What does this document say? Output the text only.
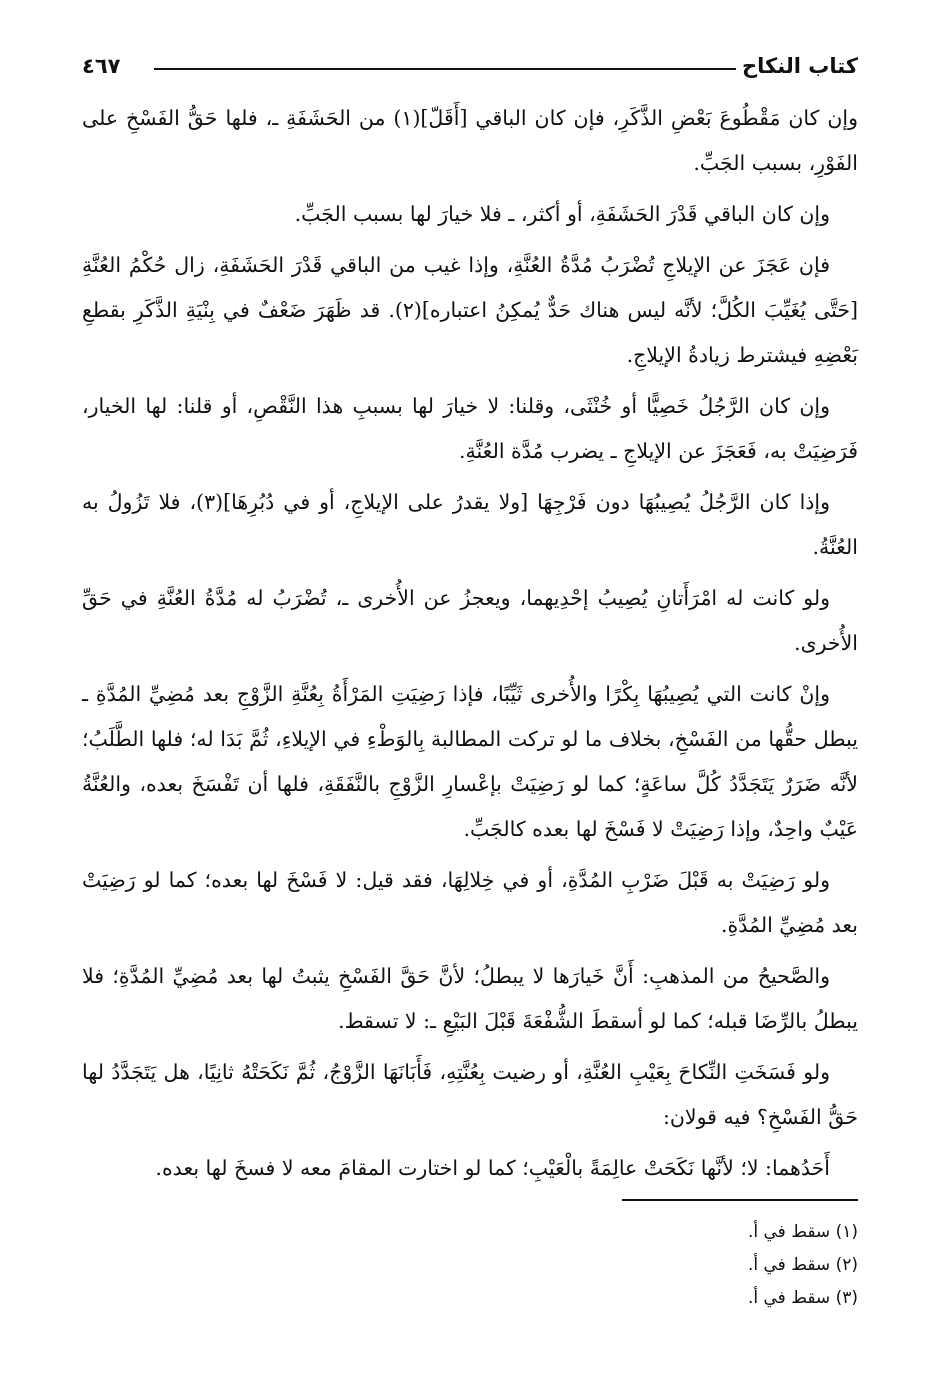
كتاب النكاح
٤٦٧

وإن كان مَقْطُوعَ بَعْضِ الذَّكَرِ، فإن كان الباقي [أَقَلّ](١) من الحَشَفَةِ ـ، فلها حَقُّ الفَسْخِ على الفَوْرِ، بسبب الجَبِّ.

وإن كان الباقي قَدْرَ الحَشَفَةِ، أو أكثر، ـ فلا خيارَ لها بسبب الجَبِّ.

فإن عَجَزَ عن الإيلاجِ تُضْرَبُ مُدَّةُ العُنَّةِ، وإذا غيب من الباقي قَدْرَ الحَشَفَةِ، زال حُكْمُ العُنَّةِ [حَتَّى يُغَيِّبَ الكُلَّ؛ لأنَّه ليس هناك حَدٌّ يُمكِنُ اعتباره](٢). قد ظَهَرَ ضَعْفٌ في بِنْيَةِ الذَّكَرِ بقطعِ بَعْضِهِ فيشترط زيادةُ الإيلاجِ.

وإن كان الرَّجُلُ خَصِيًّا أو خُنْثَى، وقلنا: لا خيارَ لها بسببِ هذا النَّقْصِ، أو قلنا: لها الخيار، فَرَضِيَتْ به، فَعَجَزَ عن الإيلاجِ ـ يضرب مُدَّة العُنَّةِ.

وإذا كان الرَّجُلُ يُصِيبُهَا دون فَرْجِهَا [ولا يقدرُ على الإيلاجِ، أو في دُبُرِهَا](٣)، فلا تَزُولُ به العُنَّةُ.

ولو كانت له امْرَأَتانِ يُصِيبُ إحْدِيهما، ويعجزُ عن الأُخرى ـ، تُضْرَبُ له مُدَّةُ العُنَّةِ في حَقِّ الأُخرى.

وإنْ كانت التي يُصِيبُهَا بِكْرًا والأُخرى ثَيِّبًا، فإذا رَضِيَتِ المَرْأَةُ بِعُنَّةِ الزَّوْجِ بعد مُضِيِّ المُدَّةِ ـ يبطل حقُّها من الفَسْخِ، بخلاف ما لو تركت المطالبة بِالوَطْءِ في الإيلاءِ، ثُمَّ بَدَا له؛ فلها الطَّلَبُ؛ لأنَّه ضَرَرٌ يَتَجَدَّدُ كُلَّ ساعَةٍ؛ كما لو رَضِيَتْ بإعْسارِ الزَّوْجِ بالنَّفَقَةِ، فلها أن تَفْسَخَ بعده، والعُنَّةُ عَيْبٌ واحِدٌ، وإذا رَضِيَتْ لا فَسْخَ لها بعده كالجَبِّ.

ولو رَضِيَتْ به قَبْلَ ضَرْبِ المُدَّةِ، أو في خِلالِهَا، فقد قيل: لا فَسْخَ لها بعده؛ كما لو رَضِيَتْ بعد مُضِيِّ المُدَّةِ.

والصَّحيحُ من المذهبِ: أَنَّ خَيارَها لا يبطلُ؛ لأنَّ حَقَّ الفَسْخِ يثبتُ لها بعد مُضِيِّ المُدَّةِ؛ فلا يبطلُ بالرِّضَا قبله؛ كما لو أسقطَ الشُّفْعَةَ قَبْلَ البَيْعِ ـ: لا تسقط.

ولو فَسَخَتِ النِّكاحَ بِعَيْبِ العُنَّةِ، أو رضيت بِعُنَّتِهِ، فَأَبَانَهَا الزَّوْجُ، ثُمَّ نَكَحَتْهُ ثانِيًا، هل يَتَجَدَّدُ لها حَقُّ الفَسْخِ؟ فيه قولان:

أَحَدُهما: لا؛ لأنَّها نَكَحَتْ عالِمَةً بالْعَيْبِ؛ كما لو اختارت المقامَ معه لا فسخَ لها بعده.

(١) سقط في أ.

(٢) سقط في أ.

(٣) سقط في أ.
